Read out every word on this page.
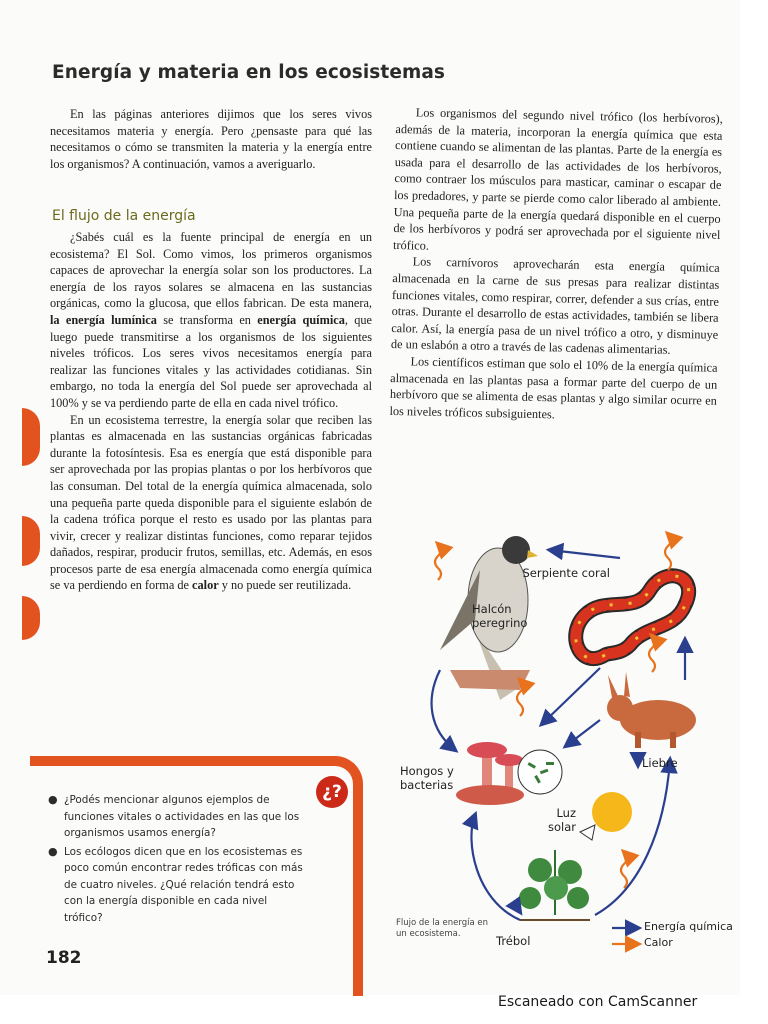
Energía y materia en los ecosistemas

En las páginas anteriores dijimos que los seres vivos necesitamos materia y energía. Pero ¿pensaste para qué las necesitamos o cómo se transmiten la materia y la energía entre los organismos? A continuación, vamos a averiguarlo.

El flujo de la energía

¿Sabés cuál es la fuente principal de energía en un ecosistema? El Sol. Como vimos, los primeros organismos capaces de aprovechar la energía solar son los productores. La energía de los rayos solares se almacena en las sustancias orgánicas, como la glucosa, que ellos fabrican. De esta manera, la energía lumínica se transforma en energía química, que luego puede transmitirse a los organismos de los siguientes niveles tróficos. Los seres vivos necesitamos energía para realizar las funciones vitales y las actividades cotidianas. Sin embargo, no toda la energía del Sol puede ser aprovechada al 100% y se va perdiendo parte de ella en cada nivel trófico.

En un ecosistema terrestre, la energía solar que reciben las plantas es almacenada en las sustancias orgánicas fabricadas durante la fotosíntesis. Esa es energía que está disponible para ser aprovechada por las propias plantas o por los herbívoros que las consuman. Del total de la energía química almacenada, solo una pequeña parte queda disponible para el siguiente eslabón de la cadena trófica porque el resto es usado por las plantas para vivir, crecer y realizar distintas funciones, como reparar tejidos dañados, respirar, producir frutos, semillas, etc. Además, en esos procesos parte de esa energía almacenada como energía química se va perdiendo en forma de calor y no puede ser reutilizada.

Los organismos del segundo nivel trófico (los herbívoros), además de la materia, incorporan la energía química que esta contiene cuando se alimentan de las plantas. Parte de la energía es usada para el desarrollo de las actividades de los herbívoros, como contraer los músculos para masticar, caminar o escapar de los predadores, y parte se pierde como calor liberado al ambiente. Una pequeña parte de la energía quedará disponible en el cuerpo de los herbívoros y podrá ser aprovechada por el siguiente nivel trófico.

Los carnívoros aprovecharán esta energía química almacenada en la carne de sus presas para realizar distintas funciones vitales, como respirar, correr, defender a sus crías, entre otras. Durante el desarrollo de estas actividades, también se libera calor. Así, la energía pasa de un nivel trófico a otro, y disminuye de un eslabón a otro a través de las cadenas alimentarias.

Los científicos estiman que solo el 10% de la energía química almacenada en las plantas pasa a formar parte del cuerpo de un herbívoro que se alimenta de esas plantas y algo similar ocurre en los niveles tróficos subsiguientes.

Serpiente coral
Halcón peregrino
Hongos y bacterias
Liebre
Luz solar
Trébol
Flujo de la energía en un ecosistema.
Energía química
Calor
¿?
● ¿Podés mencionar algunos ejemplos de funciones vitales o actividades en las que los organismos usamos energía?
● Los ecólogos dicen que en los ecosistemas es poco común encontrar redes tróficas con más de cuatro niveles. ¿Qué relación tendrá esto con la energía disponible en cada nivel trófico?
182
Escaneado con CamScanner
